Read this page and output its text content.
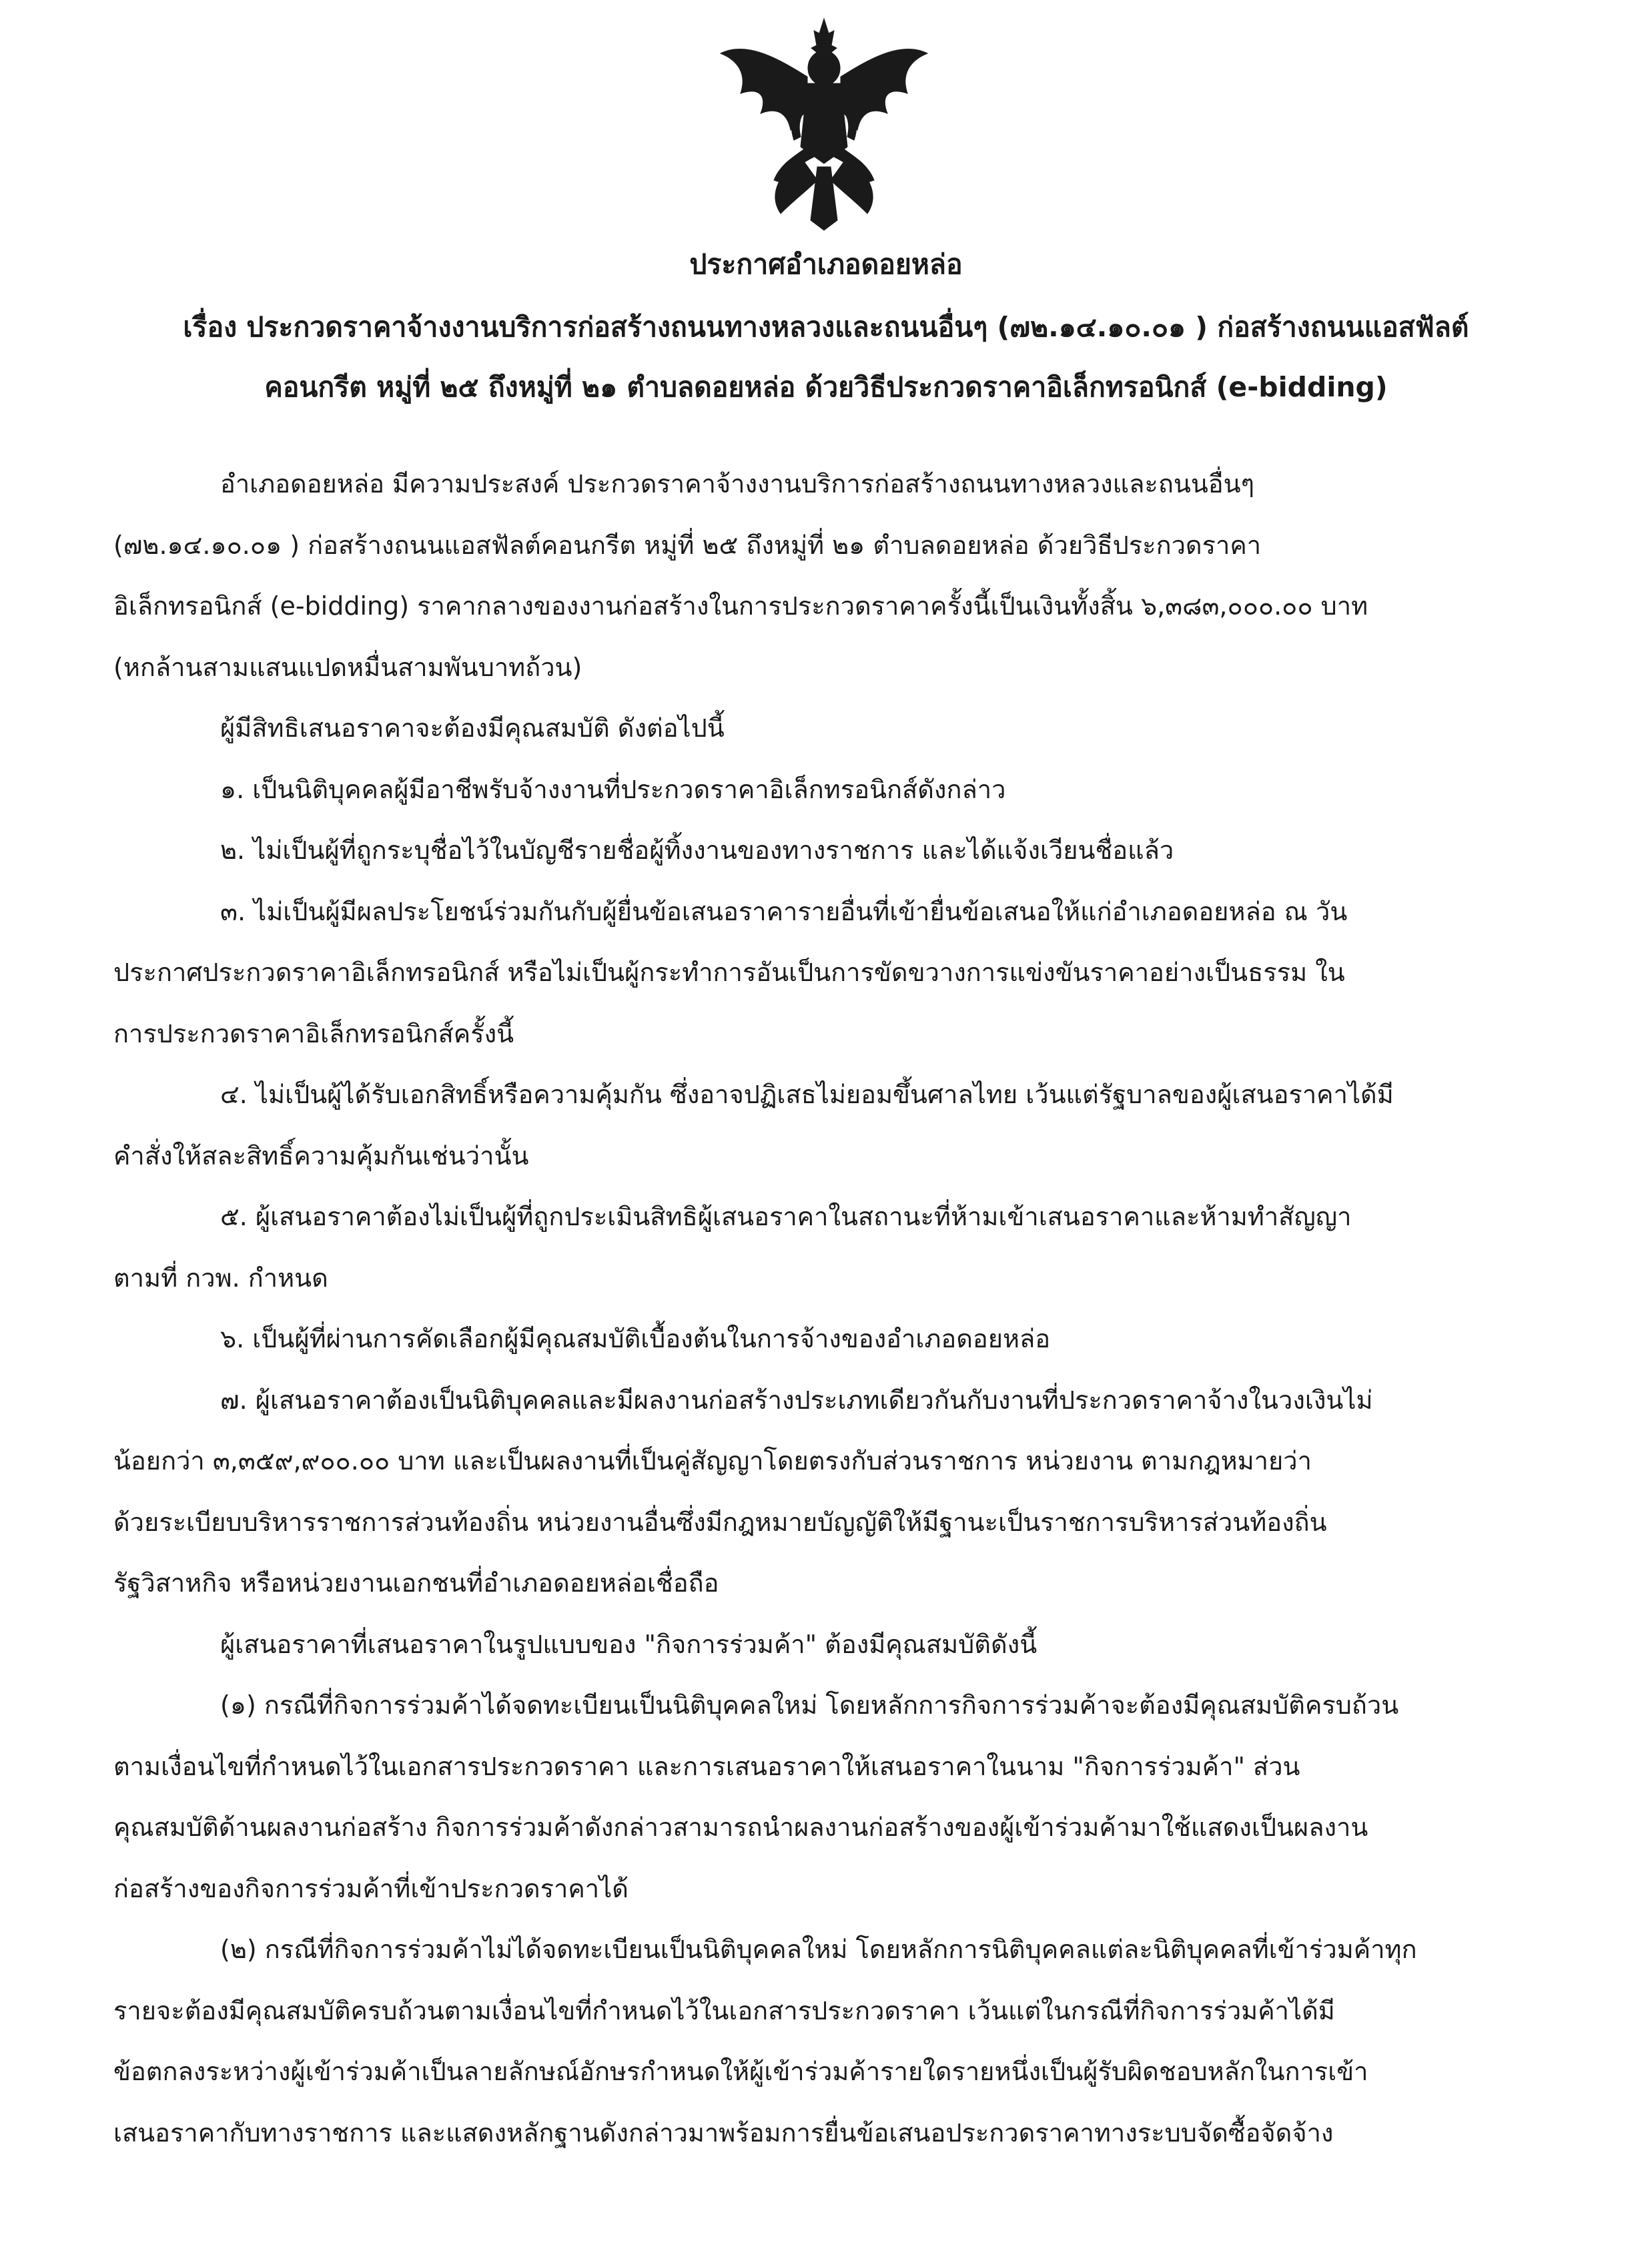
ประกาศอำเภอดอยหล่อ
เรื่อง ประกวดราคาจ้างงานบริการก่อสร้างถนนทางหลวงและถนนอื่นๆ (๗๒.๑๔.๑๐.๐๑ ) ก่อสร้างถนนแอสฟัลต์
คอนกรีต หมู่ที่ ๒๕ ถึงหมู่ที่ ๒๑ ตำบลดอยหล่อ ด้วยวิธีประกวดราคาอิเล็กทรอนิกส์ (e-bidding)
อำเภอดอยหล่อ มีความประสงค์ ประกวดราคาจ้างงานบริการก่อสร้างถนนทางหลวงและถนนอื่นๆ
(๗๒.๑๔.๑๐.๐๑ ) ก่อสร้างถนนแอสฟัลต์คอนกรีต หมู่ที่ ๒๕ ถึงหมู่ที่ ๒๑ ตำบลดอยหล่อ ด้วยวิธีประกวดราคา
อิเล็กทรอนิกส์ (e-bidding) ราคากลางของงานก่อสร้างในการประกวดราคาครั้งนี้เป็นเงินทั้งสิ้น ๖,๓๘๓,๐๐๐.๐๐ บาท
(หกล้านสามแสนแปดหมื่นสามพันบาทถ้วน)
ผู้มีสิทธิเสนอราคาจะต้องมีคุณสมบัติ ดังต่อไปนี้
๑. เป็นนิติบุคคลผู้มีอาชีพรับจ้างงานที่ประกวดราคาอิเล็กทรอนิกส์ดังกล่าว
๒. ไม่เป็นผู้ที่ถูกระบุชื่อไว้ในบัญชีรายชื่อผู้ทิ้งงานของทางราชการ และได้แจ้งเวียนชื่อแล้ว
๓. ไม่เป็นผู้มีผลประโยชน์ร่วมกันกับผู้ยื่นข้อเสนอราคารายอื่นที่เข้ายื่นข้อเสนอให้แก่อำเภอดอยหล่อ ณ วัน
ประกาศประกวดราคาอิเล็กทรอนิกส์ หรือไม่เป็นผู้กระทำการอันเป็นการขัดขวางการแข่งขันราคาอย่างเป็นธรรม ใน
การประกวดราคาอิเล็กทรอนิกส์ครั้งนี้
๔. ไม่เป็นผู้ได้รับเอกสิทธิ์หรือความคุ้มกัน ซึ่งอาจปฏิเสธไม่ยอมขึ้นศาลไทย เว้นแต่รัฐบาลของผู้เสนอราคาได้มี
คำสั่งให้สละสิทธิ์ความคุ้มกันเช่นว่านั้น
๕. ผู้เสนอราคาต้องไม่เป็นผู้ที่ถูกประเมินสิทธิผู้เสนอราคาในสถานะที่ห้ามเข้าเสนอราคาและห้ามทำสัญญา
ตามที่ กวพ. กำหนด
๖. เป็นผู้ที่ผ่านการคัดเลือกผู้มีคุณสมบัติเบื้องต้นในการจ้างของอำเภอดอยหล่อ
๗. ผู้เสนอราคาต้องเป็นนิติบุคคลและมีผลงานก่อสร้างประเภทเดียวกันกับงานที่ประกวดราคาจ้างในวงเงินไม่
น้อยกว่า ๓,๓๕๙,๙๐๐.๐๐ บาท และเป็นผลงานที่เป็นคู่สัญญาโดยตรงกับส่วนราชการ หน่วยงาน ตามกฎหมายว่า
ด้วยระเบียบบริหารราชการส่วนท้องถิ่น หน่วยงานอื่นซึ่งมีกฎหมายบัญญัติให้มีฐานะเป็นราชการบริหารส่วนท้องถิ่น
รัฐวิสาหกิจ หรือหน่วยงานเอกชนที่อำเภอดอยหล่อเชื่อถือ
ผู้เสนอราคาที่เสนอราคาในรูปแบบของ "กิจการร่วมค้า" ต้องมีคุณสมบัติดังนี้
(๑) กรณีที่กิจการร่วมค้าได้จดทะเบียนเป็นนิติบุคคลใหม่ โดยหลักการกิจการร่วมค้าจะต้องมีคุณสมบัติครบถ้วน
ตามเงื่อนไขที่กำหนดไว้ในเอกสารประกวดราคา และการเสนอราคาให้เสนอราคาในนาม "กิจการร่วมค้า" ส่วน
คุณสมบัติด้านผลงานก่อสร้าง กิจการร่วมค้าดังกล่าวสามารถนำผลงานก่อสร้างของผู้เข้าร่วมค้ามาใช้แสดงเป็นผลงาน
ก่อสร้างของกิจการร่วมค้าที่เข้าประกวดราคาได้
(๒) กรณีที่กิจการร่วมค้าไม่ได้จดทะเบียนเป็นนิติบุคคลใหม่ โดยหลักการนิติบุคคลแต่ละนิติบุคคลที่เข้าร่วมค้าทุก
รายจะต้องมีคุณสมบัติครบถ้วนตามเงื่อนไขที่กำหนดไว้ในเอกสารประกวดราคา เว้นแต่ในกรณีที่กิจการร่วมค้าได้มี
ข้อตกลงระหว่างผู้เข้าร่วมค้าเป็นลายลักษณ์อักษรกำหนดให้ผู้เข้าร่วมค้ารายใดรายหนึ่งเป็นผู้รับผิดชอบหลักในการเข้า
เสนอราคากับทางราชการ และแสดงหลักฐานดังกล่าวมาพร้อมการยื่นข้อเสนอประกวดราคาทางระบบจัดซื้อจัดจ้าง
